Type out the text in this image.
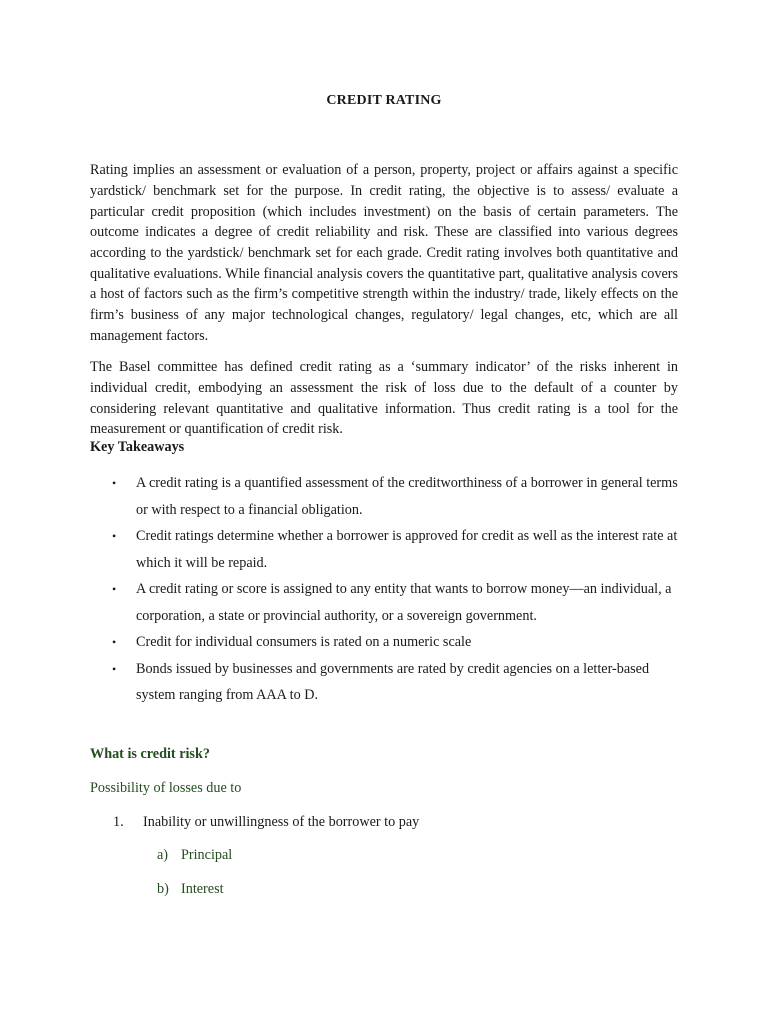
CREDIT RATING

Rating implies an assessment or evaluation of a person, property, project or affairs against a specific yardstick/ benchmark set for the purpose. In credit rating, the objective is to assess/ evaluate a particular credit proposition (which includes investment) on the basis of certain parameters. The outcome indicates a degree of credit reliability and risk. These are classified into various degrees according to the yardstick/ benchmark set for each grade. Credit rating involves both quantitative and qualitative evaluations. While financial analysis covers the quantitative part, qualitative analysis covers a host of factors such as the firm’s competitive strength within the industry/ trade, likely effects on the firm’s business of any major technological changes, regulatory/ legal changes, etc, which are all management factors.

The Basel committee has defined credit rating as a ‘summary indicator’ of the risks inherent in individual credit, embodying an assessment the risk of loss due to the default of a counter by considering relevant quantitative and qualitative information. Thus credit rating is a tool for the measurement or quantification of credit risk.

Key Takeaways
• A credit rating is a quantified assessment of the creditworthiness of a borrower in general terms or with respect to a financial obligation.
• Credit ratings determine whether a borrower is approved for credit as well as the interest rate at which it will be repaid.
• A credit rating or score is assigned to any entity that wants to borrow money—an individual, a corporation, a state or provincial authority, or a sovereign government.
• Credit for individual consumers is rated on a numeric scale
• Bonds issued by businesses and governments are rated by credit agencies on a letter-based system ranging from AAA to D.
What is credit risk?
Possibility of losses due to
1. Inability or unwillingness of the borrower to pay
a) Principal
b) Interest
